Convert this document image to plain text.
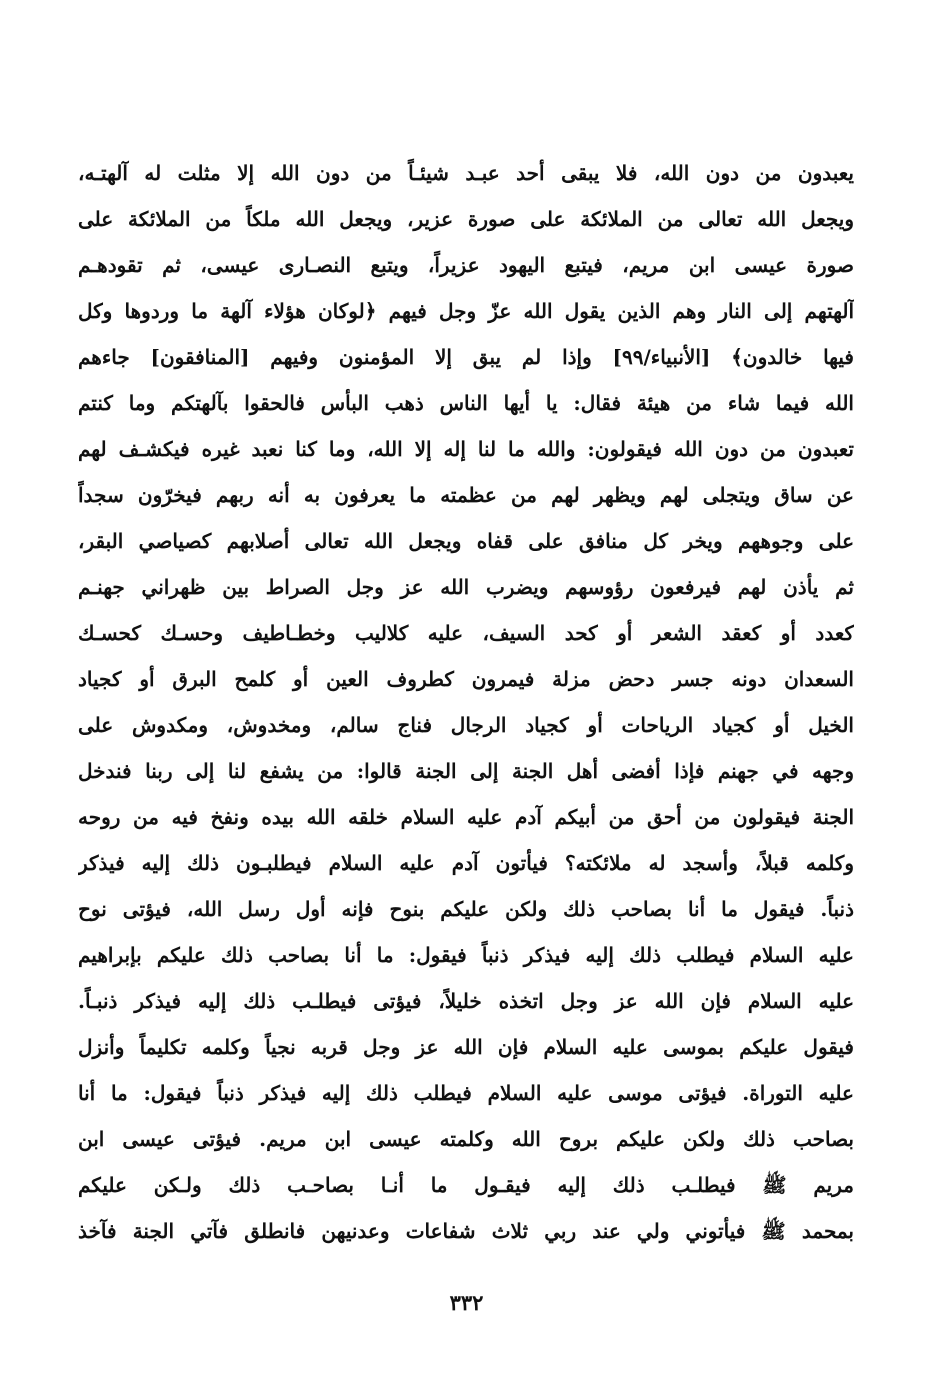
يعبدون من دون الله، فلا يبقى أحد عبـد شيئـاً من دون الله إلا مثلت له آلهتـه،
ويجعل الله تعالى من الملائكة على صورة عزير، ويجعل الله ملكاً من الملائكة على
صورة عيسى ابن مريم، فيتبع اليهود عزيراً، ويتبع النصـارى عيسى، ثم تقودهـم
آلهتهم إلى النار وهم الذين يقول الله عزّ وجل فيهم ﴿لوكان هؤلاء آلهة ما وردوها وكل
فيها خالدون﴾ [الأنبياء/٩٩] وإذا لم يبق إلا المؤمنون وفيهم [المنافقون] جاءهم
الله فيما شاء من هيئة فقال: يا أيها الناس ذهب البأس فالحقوا بآلهتكم وما كنتم
تعبدون من دون الله فيقولون: والله ما لنا إله إلا الله، وما كنا نعبد غيره فيكشـف لهم
عن ساق ويتجلى لهم ويظهر لهم من عظمته ما يعرفون به أنه ربهم فيخرّون سجداً
على وجوههم ويخر كل منافق على قفاه ويجعل الله تعالى أصلابهم كصياصي البقر،
ثم يأذن لهم فيرفعون رؤوسهم ويضرب الله عز وجل الصراط بين ظهراني جهنـم
كعدد أو كعقد الشعر أو كحد السيف، عليه كلاليب وخطـاطيف وحسـك كحسـك
السعدان دونه جسر دحض مزلة فيمرون كطروف العين أو كلمح البرق أو كجياد
الخيل أو كجياد الرياحات أو كجياد الرجال فناج سالم، ومخدوش، ومكدوش على
وجهه في جهنم فإذا أفضى أهل الجنة إلى الجنة قالوا: من يشفع لنا إلى ربنا فندخل
الجنة فيقولون من أحق من أبيكم آدم عليه السلام خلقه الله بيده ونفخ فيه من روحه
وكلمه قبلاً، وأسجد له ملائكته؟ فيأتون آدم عليه السلام فيطلبـون ذلك إليه فيذكر
ذنباً. فيقول ما أنا بصاحب ذلك ولكن عليكم بنوح فإنه أول رسل الله، فيؤتى نوح
عليه السلام فيطلب ذلك إليه فيذكر ذنباً فيقول: ما أنا بصاحب ذلك عليكم بإبراهيم
عليه السلام فإن الله عز وجل اتخذه خليلاً، فيؤتى فيطلـب ذلك إليه فيذكر ذنبـاً.
فيقول عليكم بموسى عليه السلام فإن الله عز وجل قربه نجياً وكلمه تكليماً وأنزل
عليه التوراة. فيؤتى موسى عليه السلام فيطلب ذلك إليه فيذكر ذنباً فيقول: ما أنا
بصاحب ذلك ولكن عليكم بروح الله وكلمته عيسى ابن مريم. فيؤتى عيسى ابن
مريم ﷺ فيطلـب ذلك إليه فيقـول ما أنـا بصاحـب ذلك ولـكن عليكم
بمحمد ﷺ فيأتوني ولي عند ربي ثلاث شفاعات وعدنيهن فانطلق فآتي الجنة فآخذ
٣٣٢
